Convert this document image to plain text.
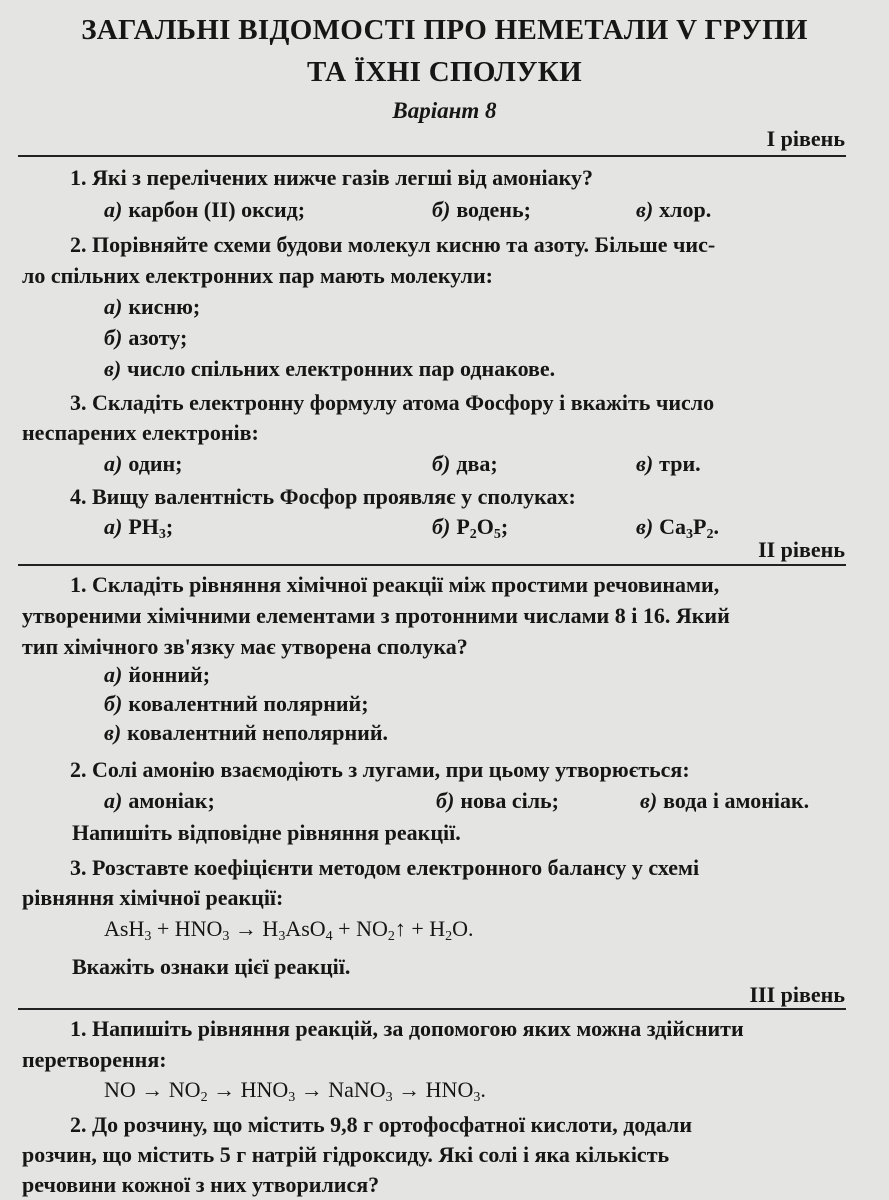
ЗАГАЛЬНІ ВІДОМОСТІ ПРО НЕМЕТАЛИ V ГРУПИ
ТА ЇХНІ СПОЛУКИ
Варіант 8
І рівень
1. Які з перелічених нижче газів легші від амоніаку?
а) карбон (ІІ) оксид;	б) водень;	в) хлор.
2. Порівняйте схеми будови молекул кисню та азоту. Більше чис-
ло спільних електронних пар мають молекули:
а) кисню;
б) азоту;
в) число спільних електронних пар однакове.
3. Складіть електронну формулу атома Фосфору і вкажіть число
неспарених електронів:
а) один;	б) два;	в) три.
4. Вищу валентність Фосфор проявляє у сполуках:
а) $PH_3$;	б) $P_2O_5$;	в) $Ca_3P_2$.
ІІ рівень
1. Складіть рівняння хімічної реакції між простими речовинами,
утвореними хімічними елементами з протонними числами 8 і 16. Який
тип хімічного зв'язку має утворена сполука?
а) йонний;
б) ковалентний полярний;
в) ковалентний неполярний.
2. Солі амонію взаємодіють з лугами, при цьому утворюється:
а) амоніак;	б) нова сіль;	в) вода і амоніак.
Напишіть відповідне рівняння реакції.
3. Розставте коефіцієнти методом електронного балансу у схемі
рівняння хімічної реакції:
$AsH_3 + HNO_3 \to H_3AsO_4$ + $NO_2↑ + H_2O$.
Вкажіть ознаки цієї реакції.
ІІІ рівень
1. Напишіть рівняння реакцій, за допомогою яких можна здійснити
перетворення:
NO → $NO_2 \to HNO_3$ → NaNO$_3$ → $HNO_3$.
2. До розчину, що містить 9,8 г ортофосфатної кислоти, додали
розчин, що містить 5 г натрій гідроксиду. Які солі і яка кількість
речовини кожної з них утворилися?
